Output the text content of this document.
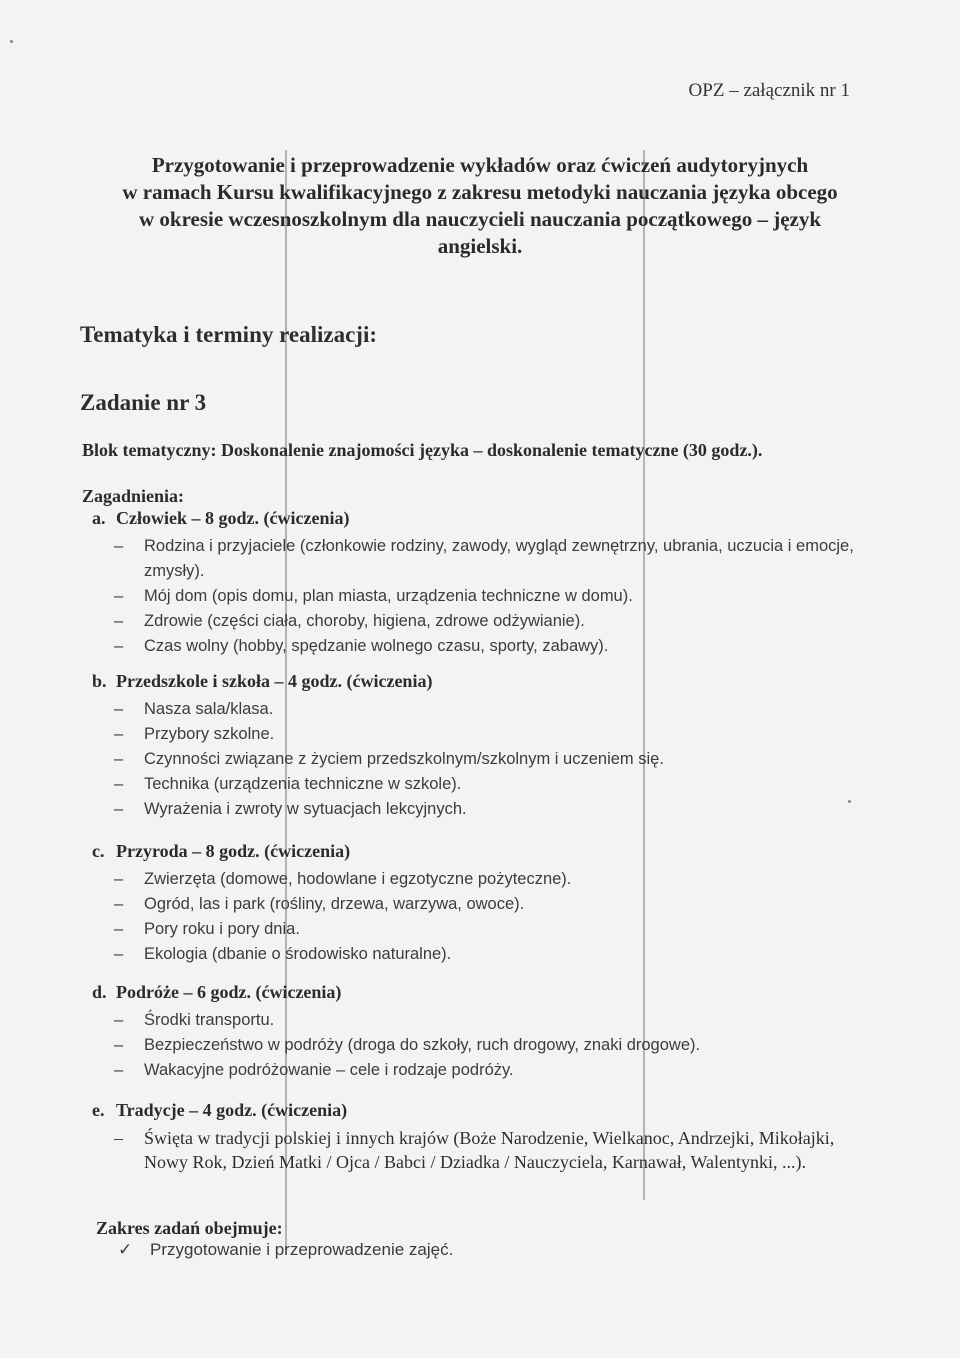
OPZ – załącznik nr 1
Przygotowanie i przeprowadzenie wykładów oraz ćwiczeń audytoryjnych
w ramach Kursu kwalifikacyjnego z zakresu metodyki nauczania języka obcego
w okresie wczesnoszkolnym dla nauczycieli nauczania początkowego – język
angielski.
Tematyka i terminy realizacji:
Zadanie nr 3
Blok tematyczny: Doskonalenie znajomości języka – doskonalenie tematyczne (30 godz.).
Zagadnienia:
a. Człowiek – 8 godz. (ćwiczenia)
– Rodzina i przyjaciele (członkowie rodziny, zawody, wygląd zewnętrzny, ubrania, uczucia i emocje, zmysły).
– Mój dom (opis domu, plan miasta, urządzenia techniczne w domu).
– Zdrowie (części ciała, choroby, higiena, zdrowe odżywianie).
– Czas wolny (hobby, spędzanie wolnego czasu, sporty, zabawy).
b. Przedszkole i szkoła – 4 godz. (ćwiczenia)
– Nasza sala/klasa.
– Przybory szkolne.
– Czynności związane z życiem przedszkolnym/szkolnym i uczeniem się.
– Technika (urządzenia techniczne w szkole).
– Wyrażenia i zwroty w sytuacjach lekcyjnych.
c. Przyroda – 8 godz. (ćwiczenia)
– Zwierzęta (domowe, hodowlane i egzotyczne pożyteczne).
– Ogród, las i park (rośliny, drzewa, warzywa, owoce).
– Pory roku i pory dnia.
– Ekologia (dbanie o środowisko naturalne).
d. Podróże – 6 godz. (ćwiczenia)
– Środki transportu.
– Bezpieczeństwo w podróży (droga do szkoły, ruch drogowy, znaki drogowe).
– Wakacyjne podróżowanie – cele i rodzaje podróży.
e. Tradycje – 4 godz. (ćwiczenia)
– Święta w tradycji polskiej i innych krajów (Boże Narodzenie, Wielkanoc, Andrzejki, Mikołajki, Nowy Rok, Dzień Matki / Ojca / Babci / Dziadka / Nauczyciela, Karnawał, Walentynki, ...).
Zakres zadań obejmuje:
✓ Przygotowanie i przeprowadzenie zajęć.
